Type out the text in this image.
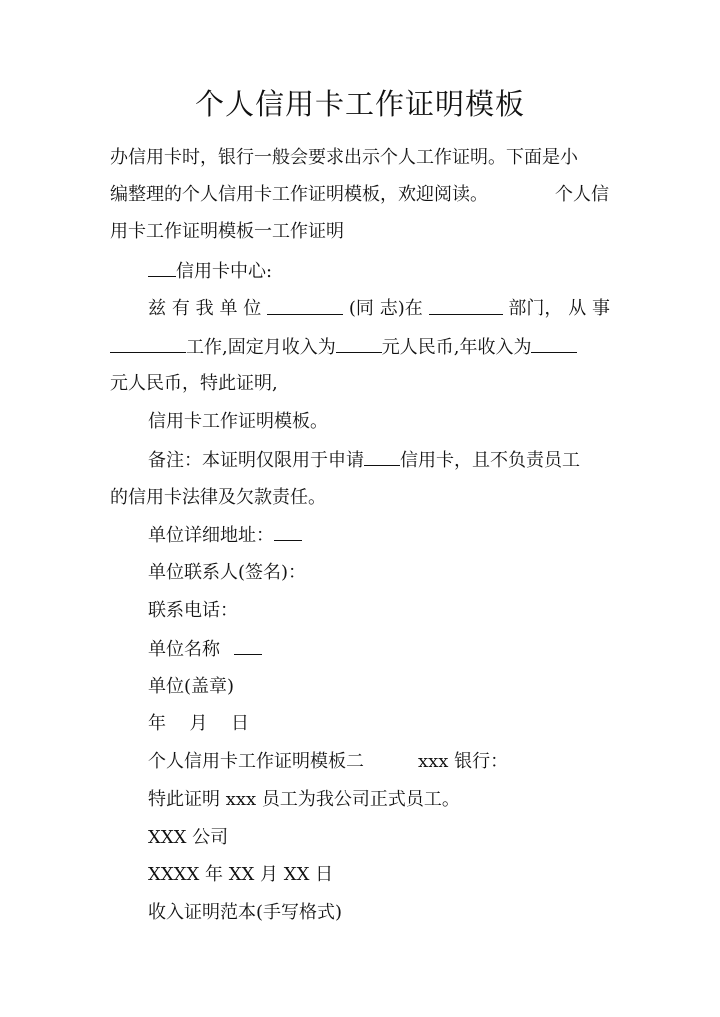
个人信用卡工作证明模板
办信用卡时，银行一般会要求出示个人工作证明。下面是小
编整理的个人信用卡工作证明模板，欢迎阅读。	个人信
用卡工作证明模板一工作证明
信用卡中心:
兹 有 我 单 位	(同 志)在	部门， 从 事
工作,固定月收入为	元人民币,年收入为
元人民币，特此证明,
信用卡工作证明模板。
备注：本证明仅限用于申请 信用卡，且不负责员工
的信用卡法律及欠款责任。
单位详细地址：
单位联系人(签名)：
联系电话：
单位名称
单位(盖章)
年 月 日
个人信用卡工作证明模板二	xxx 银行：
特此证明 xxx 员工为我公司正式员工。
XXX 公司
XXXX 年 XX 月 XX 日
收入证明范本(手写格式)
